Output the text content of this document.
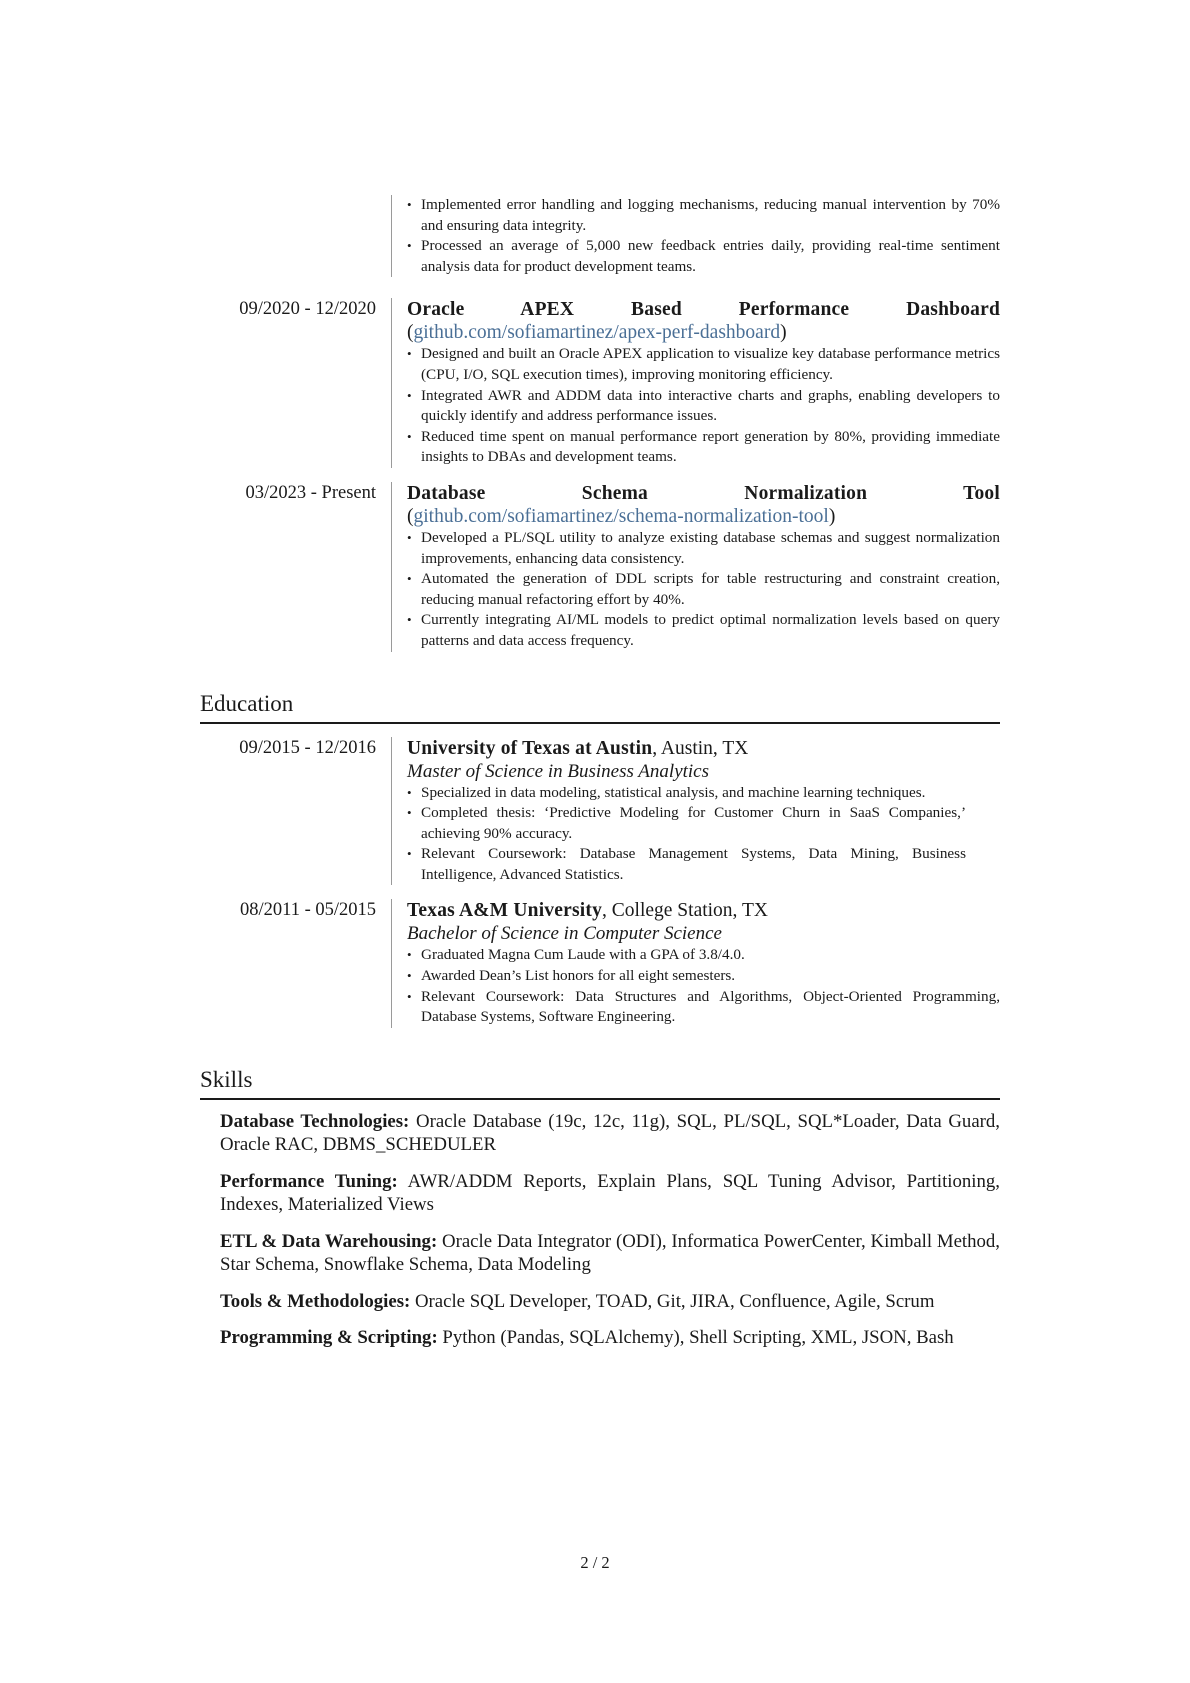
• Implemented error handling and logging mechanisms, reducing manual intervention by 70% and ensuring data integrity.
• Processed an average of 5,000 new feedback entries daily, providing real-time sentiment analysis data for product development teams.
09/2020 - 12/2020	Oracle APEX Based Performance Dashboard (github.com/sofiamartinez/apex-perf-dashboard)
• Designed and built an Oracle APEX application to visualize key database performance metrics (CPU, I/O, SQL execution times), improving monitoring efficiency.
• Integrated AWR and ADDM data into interactive charts and graphs, enabling developers to quickly identify and address performance issues.
• Reduced time spent on manual performance report generation by 80%, providing immediate insights to DBAs and development teams.
03/2023 - Present	Database Schema Normalization Tool (github.com/sofiamartinez/schema-normalization-tool)
• Developed a PL/SQL utility to analyze existing database schemas and suggest normalization improvements, enhancing data consistency.
• Automated the generation of DDL scripts for table restructuring and constraint creation, reducing manual refactoring effort by 40%.
• Currently integrating AI/ML models to predict optimal normalization levels based on query patterns and data access frequency.
Education
09/2015 - 12/2016	University of Texas at Austin, Austin, TX
Master of Science in Business Analytics
• Specialized in data modeling, statistical analysis, and machine learning techniques.
• Completed thesis: ‘Predictive Modeling for Customer Churn in SaaS Companies,’ achieving 90% accuracy.
• Relevant Coursework: Database Management Systems, Data Mining, Business Intelligence, Advanced Statistics.
08/2011 - 05/2015	Texas A&M University, College Station, TX
Bachelor of Science in Computer Science
• Graduated Magna Cum Laude with a GPA of 3.8/4.0.
• Awarded Dean’s List honors for all eight semesters.
• Relevant Coursework: Data Structures and Algorithms, Object-Oriented Programming, Database Systems, Software Engineering.
Skills
Database Technologies: Oracle Database (19c, 12c, 11g), SQL, PL/SQL, SQL*Loader, Data Guard, Oracle RAC, DBMS_SCHEDULER
Performance Tuning: AWR/ADDM Reports, Explain Plans, SQL Tuning Advisor, Partitioning, Indexes, Materialized Views
ETL & Data Warehousing: Oracle Data Integrator (ODI), Informatica PowerCenter, Kimball Method, Star Schema, Snowflake Schema, Data Modeling
Tools & Methodologies: Oracle SQL Developer, TOAD, Git, JIRA, Confluence, Agile, Scrum
Programming & Scripting: Python (Pandas, SQLAlchemy), Shell Scripting, XML, JSON, Bash
2 / 2
